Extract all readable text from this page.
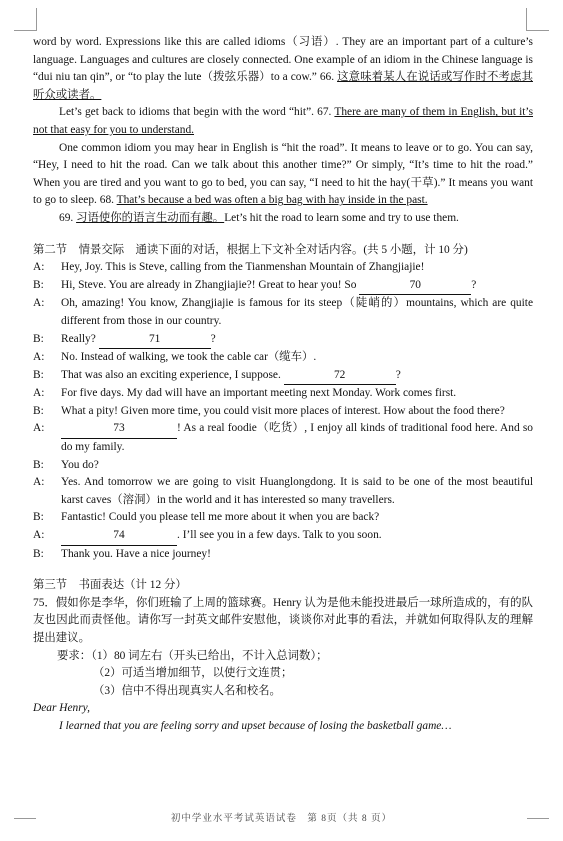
word by word. Expressions like this are called idioms（习语）. They are an important part of a culture’s language. Languages and cultures are closely connected. One example of an idiom in the Chinese language is “dui niu tan qin”, or “to play the lute（拨弦乐器）to a cow.” 66. 这意味着某人在说话或写作时不考虑其听众或读者。

Let’s get back to idioms that begin with the word “hit”. 67. There are many of them in English, but it’s not that easy for you to understand.

One common idiom you may hear in English is “hit the road”. It means to leave or to go. You can say, “Hey, I need to hit the road. Can we talk about this another time?” Or simply, “It’s time to hit the road.” When you are tired and you want to go to bed, you can say, “I need to hit the hay(干草).” It means you want to go to sleep. 68. That’s because a bed was often a big bag with hay inside in the past.

69. 习语使你的语言生动而有趣。Let’s hit the road to learn some and try to use them.

第二节　情景交际　通读下面的对话，根据上下文补全对话内容。(共 5 小题，计 10 分)

A: Hey, Joy. This is Steve, calling from the Tianmenshan Mountain of Zhangjiajie!

B: Hi, Steve. You are already in Zhangjiajie?! Great to hear you! So	70	?

A: Oh, amazing! You know, Zhangjiajie is famous for its steep（陡峭的）mountains, which are quite different from those in our country.

B: Really?	71	?

A: No. Instead of walking, we took the cable car（缆车）.

B: That was also an exciting experience, I suppose.	72	?

A: For five days. My dad will have an important meeting next Monday. Work comes first.

B: What a pity! Given more time, you could visit more places of interest. How about the food there?

A:	73	! As a real foodie（吃货）, I enjoy all kinds of traditional food here. And so do my family.

B: You do?

A: Yes. And tomorrow we are going to visit Huanglongdong. It is said to be one of the most beautiful karst caves（溶洞）in the world and it has interested so many travellers.

B: Fantastic! Could you please tell me more about it when you are back?

A:	74	. I’ll see you in a few days. Talk to you soon.

B: Thank you. Have a nice journey!

第三节　书面表达（计 12 分）

75．假如你是李华，你们班输了上周的篮球赛。Henry 认为是他未能投进最后一球所造成的，有的队友也因此而责怪他。请你写一封英文邮件安慰他，谈谈你对此事的看法，并就如何取得队友的理解提出建议。

要求：（1）80 词左右（开头已给出，不计入总词数）；

（2）可适当增加细节，以使行文连贯；

（3）信中不得出现真实人名和校名。

Dear Henry,

I learned that you are feeling sorry and upset because of losing the basketball game…

初中学业水平考试英语试卷　第 8页（共 8 页）
